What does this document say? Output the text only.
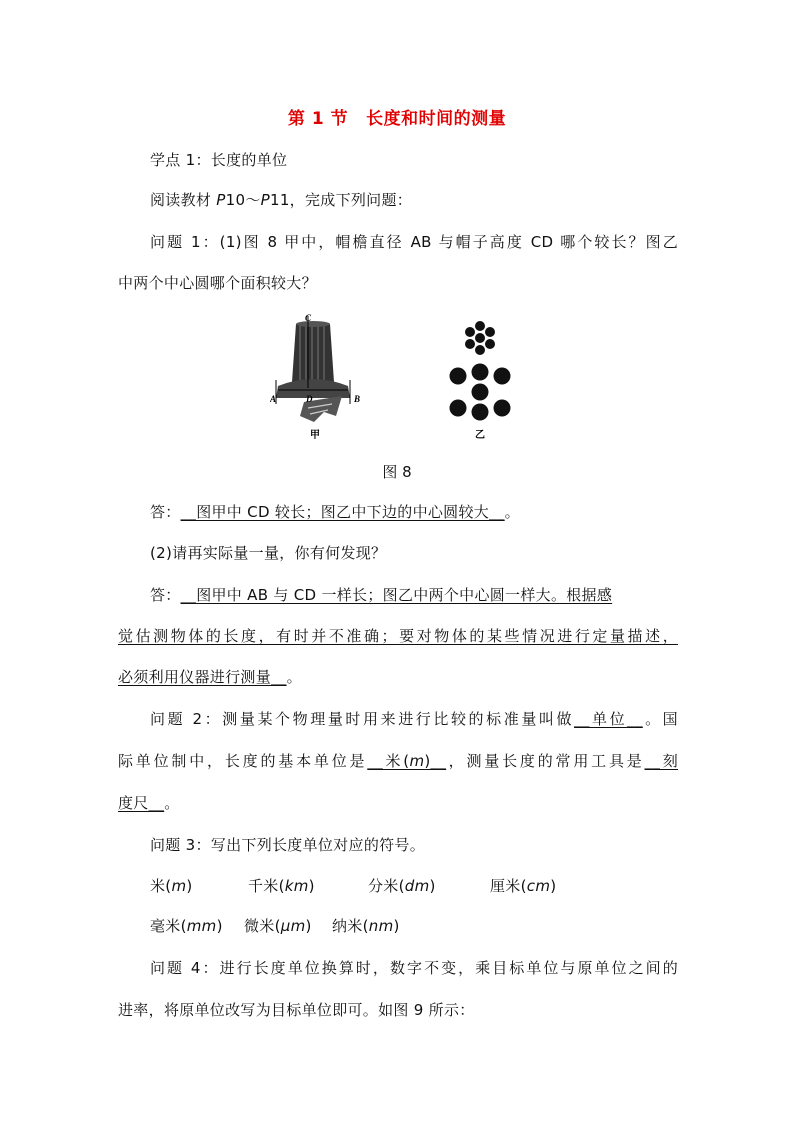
第 1 节 长度和时间的测量
学点 1：长度的单位
阅读教材 P10～P11，完成下列问题：
问题 1：(1)图 8 甲中，帽檐直径 AB 与帽子高度 CD 哪个较长？图乙
中两个中心圆哪个面积较大？
C
A	D	B
甲	乙
图 8
答：__图甲中 CD 较长；图乙中下边的中心圆较大__。
(2)请再实际量一量，你有何发现？
答：__图甲中 AB 与 CD 一样长；图乙中两个中心圆一样大。根据感
觉估测物体的长度，有时并不准确；要对物体的某些情况进行定量描述，
必须利用仪器进行测量__。
问题 2：测量某个物理量时用来进行比较的标准量叫做__单位__。国
际单位制中，长度的基本单位是__米(m)__，测量长度的常用工具是__刻
度尺__。
问题 3：写出下列长度单位对应的符号。
米(m)	千米(km)	分米(dm)	厘米(cm)
毫米(mm) 微米(μm) 纳米(nm)
问题 4：进行长度单位换算时，数字不变，乘目标单位与原单位之间的
进率，将原单位改写为目标单位即可。如图 9 所示：
